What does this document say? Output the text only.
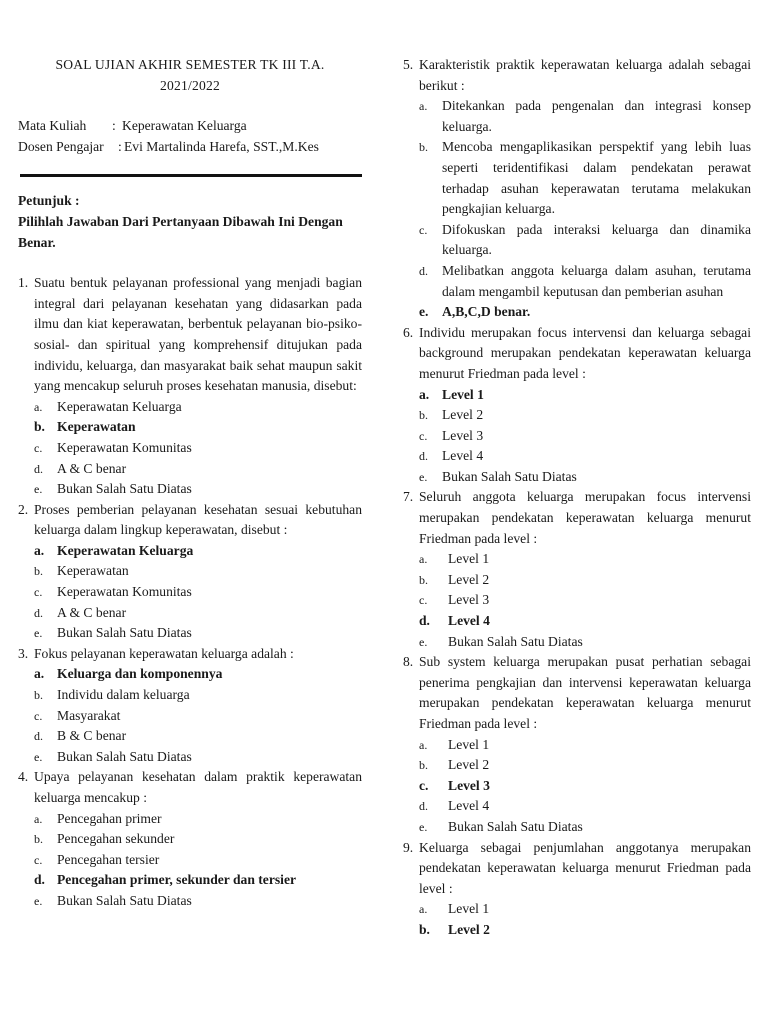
SOAL UJIAN AKHIR SEMESTER TK III T.A.
2021/2022
Mata Kuliah	: Keperawatan Keluarga
Dosen Pengajar	: Evi Martalinda Harefa, SST.,M.Kes
Petunjuk :
Pilihlah Jawaban Dari Pertanyaan Dibawah Ini Dengan Benar.
1. Suatu bentuk pelayanan professional yang menjadi bagian integral dari pelayanan kesehatan yang didasarkan pada ilmu dan kiat keperawatan, berbentuk pelayanan bio-psiko-sosial- dan spiritual yang komprehensif ditujukan pada individu, keluarga, dan masyarakat baik sehat maupun sakit yang mencakup seluruh proses kesehatan manusia, disebut:
a.	Keperawatan Keluarga
b. Keperawatan
c.	Keperawatan Komunitas
d.	A & C benar
e.	Bukan Salah Satu Diatas
2. Proses pemberian pelayanan kesehatan sesuai kebutuhan keluarga dalam lingkup keperawatan, disebut :
a. Keperawatan Keluarga
b.	Keperawatan
c.	Keperawatan Komunitas
d.	A & C benar
e.	Bukan Salah Satu Diatas
3. Fokus pelayanan keperawatan keluarga adalah :
a. Keluarga dan komponennya
b.	Individu dalam keluarga
c.	Masyarakat
d.	B & C benar
e.	Bukan Salah Satu Diatas
4. Upaya pelayanan kesehatan dalam praktik keperawatan keluarga mencakup :
a.	Pencegahan primer
b.	Pencegahan sekunder
c.	Pencegahan tersier
d. Pencegahan primer, sekunder dan tersier
e.	Bukan Salah Satu Diatas
5. Karakteristik praktik keperawatan keluarga adalah sebagai berikut :
a.	Ditekankan pada pengenalan dan integrasi konsep keluarga.
b.	Mencoba mengaplikasikan perspektif yang lebih luas seperti teridentifikasi dalam pendekatan perawat terhadap asuhan keperawatan terutama melakukan pengkajian keluarga.
c.	Difokuskan pada interaksi keluarga dan dinamika keluarga.
d.	Melibatkan anggota keluarga dalam asuhan, terutama dalam mengambil keputusan dan pemberian asuhan
e. A,B,C,D benar.
6. Individu merupakan focus intervensi dan keluarga sebagai background merupakan pendekatan keperawatan keluarga menurut Friedman pada level :
a. Level 1
b.	Level 2
c.	Level 3
d.	Level 4
e.	Bukan Salah Satu Diatas
7. Seluruh anggota keluarga merupakan focus intervensi merupakan pendekatan keperawatan keluarga menurut Friedman pada level :
a.	Level 1
b.	Level 2
c.	Level 3
d.	Level 4
e.	Bukan Salah Satu Diatas
8. Sub system keluarga merupakan pusat perhatian sebagai penerima pengkajian dan intervensi keperawatan keluarga merupakan pendekatan keperawatan keluarga menurut Friedman pada level :
a.	Level 1
b.	Level 2
c.	Level 3
d.	Level 4
e.	Bukan Salah Satu Diatas
9. Keluarga sebagai penjumlahan anggotanya merupakan pendekatan keperawatan keluarga menurut Friedman pada level :
a.	Level 1
b.	Level 2
